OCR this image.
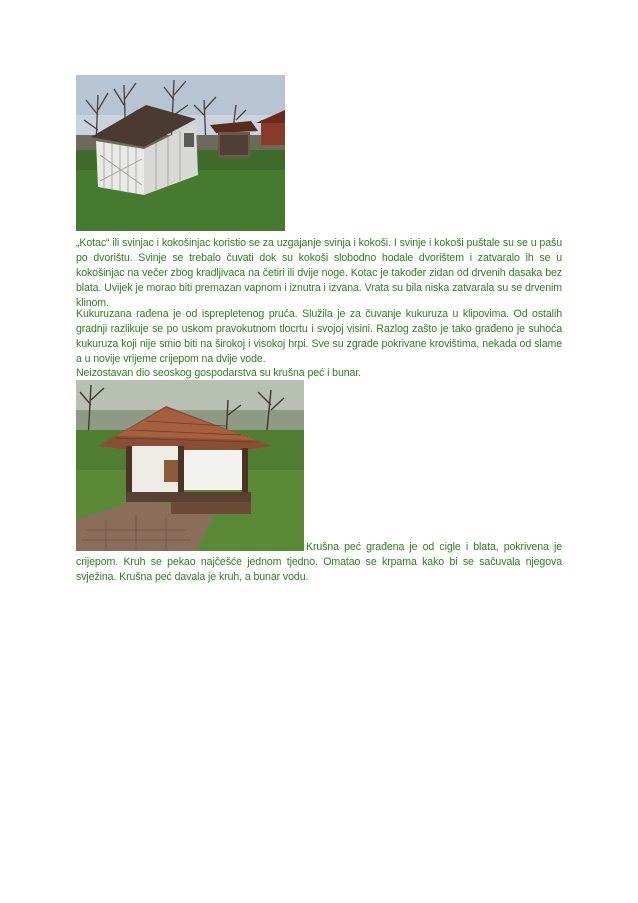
„Kotac“ ili svinjac i kokošinjac koristio se za uzgajanje svinja i kokoši. I svinje i kokoši puštale su se u pašu po dvorištu. Svinje se trebalo čuvati dok su kokoši slobodno hodale dvorištem i zatvaralo ih se u kokošinjac na večer zbog kradljivaca na četiri ili dvije noge. Kotac je također zidan od drvenih dasaka bez blata. Uvijek je morao biti premazan vapnom i iznutra i izvana. Vrata su bila niska zatvarala su se drvenim klinom.
Kukuruzana rađena je od isprepletenog pruća. Služila je za čuvanje kukuruza u klipovima. Od ostalih gradnji razlikuje se po uskom pravokutnom tlocrtu i svojoj visini. Razlog zašto je tako građeno je suhoća kukuruza koji nije smio biti na širokoj i visokoj hrpi. Sve su zgrade pokrivane krovištima, nekada od slame a u novije vrijeme crijepom na dvije vode.
Neizostavan dio seoskog gospodarstva su krušna peć i bunar.
Krušna peć građena je od cigle i blata, pokrivena je
crijepom. Kruh se pekao najčešće jednom tjedno. Omatao se krpama kako bi se sačuvala njegova svježina. Krušna peć davala je kruh, a bunar vodu.
